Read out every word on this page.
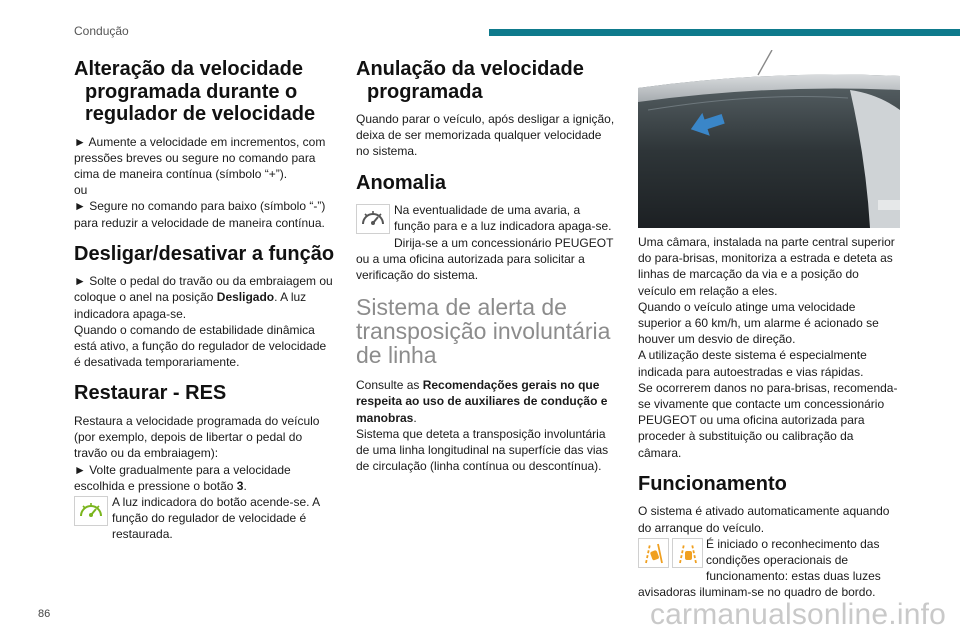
Condução
Alteração da velocidade programada durante o regulador de velocidade

► Aumente a velocidade em incrementos, com pressões breves ou segure no comando para cima de maneira contínua (símbolo “+”).

ou

► Segure no comando para baixo (símbolo “-”) para reduzir a velocidade de maneira contínua.

Desligar/desativar a função

► Solte o pedal do travão ou da embraiagem ou coloque o anel na posição Desligado. A luz indicadora apaga-se.

Quando o comando de estabilidade dinâmica está ativo, a função do regulador de velocidade é desativada temporariamente.

Restaurar - RES

Restaura a velocidade programada do veículo (por exemplo, depois de libertar o pedal do travão ou da embraiagem):

► Volte gradualmente para a velocidade escolhida e pressione o botão 3.

A luz indicadora do botão acende-se. A função do regulador de velocidade é restaurada.

Anulação da velocidade programada

Quando parar o veículo, após desligar a ignição, deixa de ser memorizada qualquer velocidade no sistema.

Anomalia

Na eventualidade de uma avaria, a função para e a luz indicadora apaga-se. Dirija-se a um concessionário PEUGEOT ou a uma oficina autorizada para solicitar a verificação do sistema.

Sistema de alerta de transposição involuntária de linha

Consulte as Recomendações gerais no que respeita ao uso de auxiliares de condução e manobras.

Sistema que deteta a transposição involuntária de uma linha longitudinal na superfície das vias de circulação (linha contínua ou descontínua).

Uma câmara, instalada na parte central superior do para-brisas, monitoriza a estrada e deteta as linhas de marcação da via e a posição do veículo em relação a eles.

Quando o veículo atinge uma velocidade superior a 60 km/h, um alarme é acionado se houver um desvio de direção.

A utilização deste sistema é especialmente indicada para autoestradas e vias rápidas.

Se ocorrerem danos no para-brisas, recomenda-se vivamente que contacte um concessionário PEUGEOT ou uma oficina autorizada para proceder à substituição ou calibração da câmara.

Funcionamento

O sistema é ativado automaticamente aquando do arranque do veículo.

É iniciado o reconhecimento das condições operacionais de funcionamento: estas duas luzes avisadoras iluminam-se no quadro de bordo.

86	carmanualsonline.info
